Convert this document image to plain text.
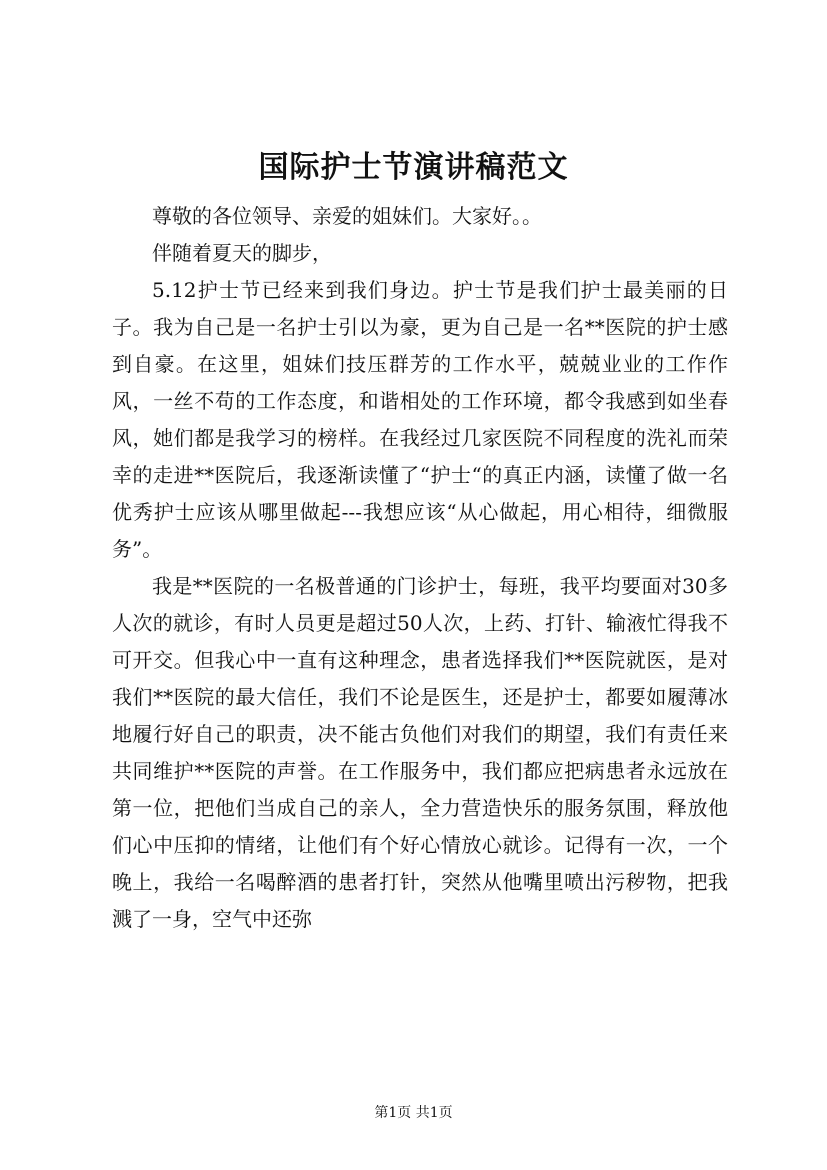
国际护士节演讲稿范文

尊敬的各位领导、亲爱的姐妹们。大家好。。

伴随着夏天的脚步，

5.12护士节已经来到我们身边。护士节是我们护士最美丽的日子。我为自己是一名护士引以为豪，更为自己是一名**医院的护士感到自豪。在这里，姐妹们技压群芳的工作水平，兢兢业业的工作作风，一丝不苟的工作态度，和谐相处的工作环境，都令我感到如坐春风，她们都是我学习的榜样。在我经过几家医院不同程度的洗礼而荣幸的走进**医院后，我逐渐读懂了“护士“的真正内涵，读懂了做一名优秀护士应该从哪里做起---我想应该“从心做起，用心相待，细微服务”。

我是**医院的一名极普通的门诊护士，每班，我平均要面对30多人次的就诊，有时人员更是超过50人次，上药、打针、输液忙得我不可开交。但我心中一直有这种理念，患者选择我们**医院就医，是对我们**医院的最大信任，我们不论是医生，还是护士，都要如履薄冰地履行好自己的职责，决不能古负他们对我们的期望，我们有责任来共同维护**医院的声誉。在工作服务中，我们都应把病患者永远放在第一位，把他们当成自己的亲人，全力营造快乐的服务氛围，释放他们心中压抑的情绪，让他们有个好心情放心就诊。记得有一次，一个晚上，我给一名喝醉酒的患者打针，突然从他嘴里喷出污秽物，把我溅了一身，空气中还弥

第1页 共1页
